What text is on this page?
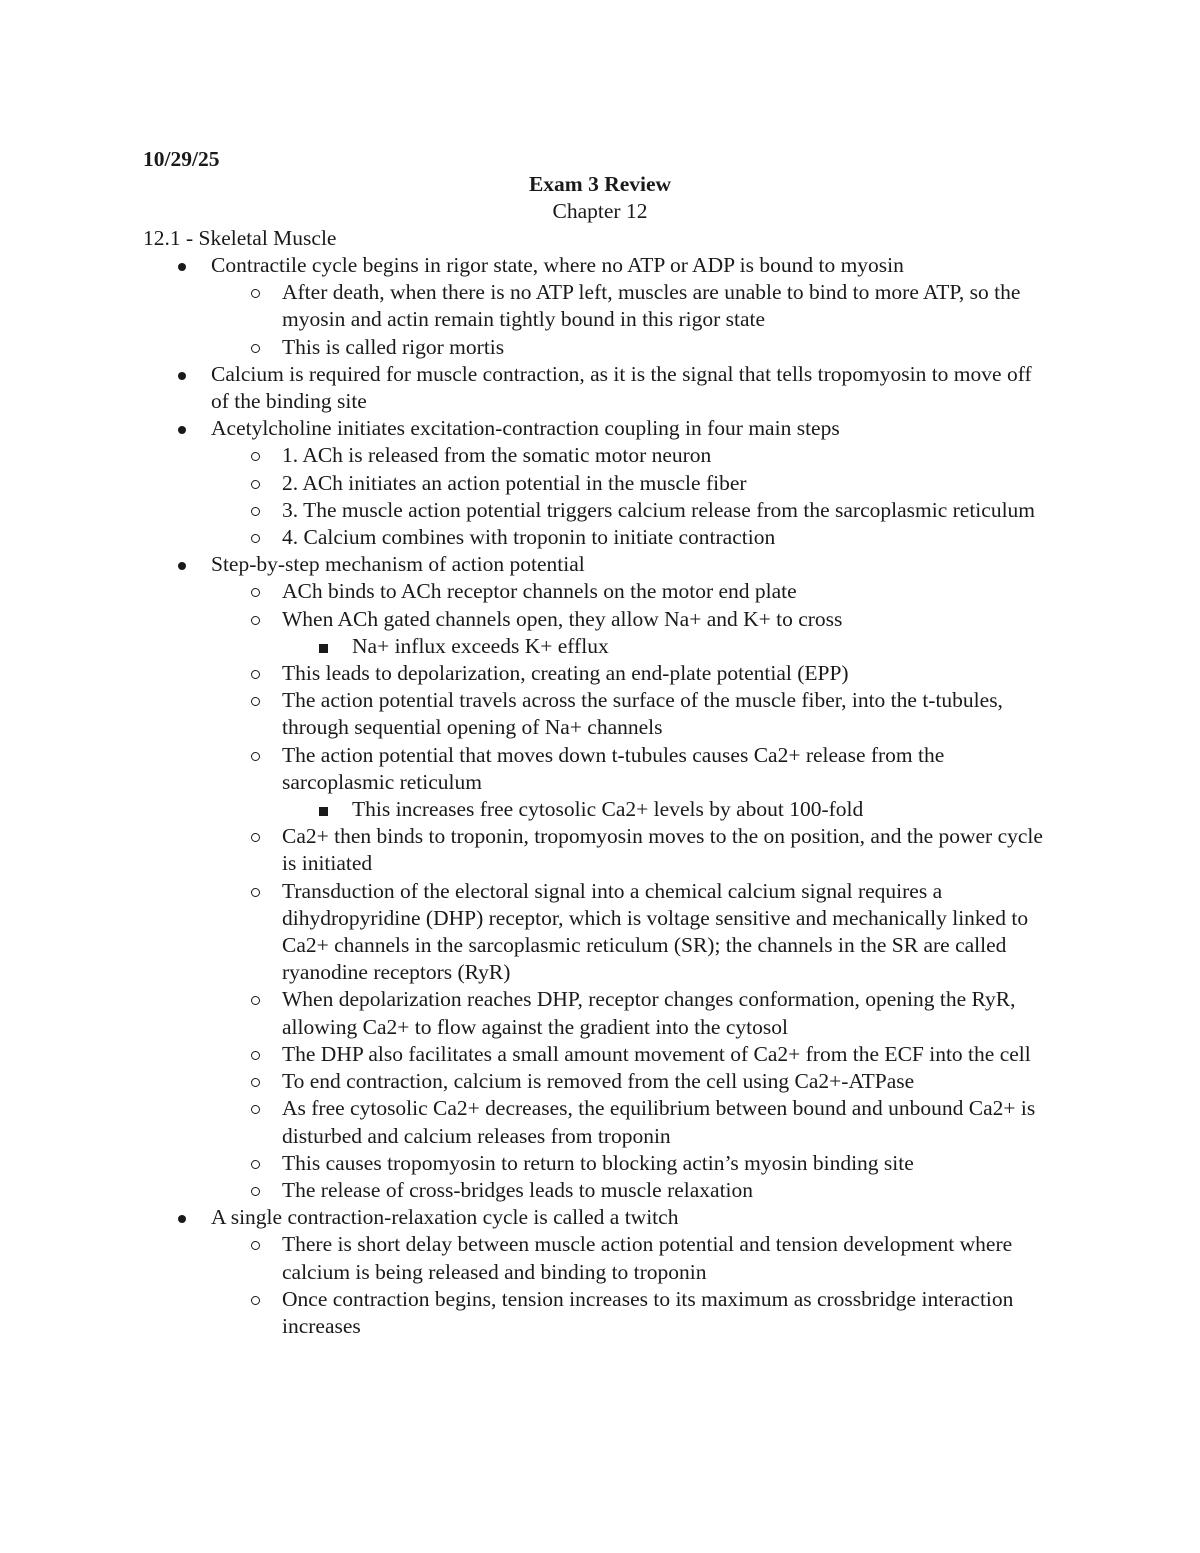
10/29/25
Exam 3 Review
Chapter 12
12.1 - Skeletal Muscle
Contractile cycle begins in rigor state, where no ATP or ADP is bound to myosin
After death, when there is no ATP left, muscles are unable to bind to more ATP, so the myosin and actin remain tightly bound in this rigor state
This is called rigor mortis
Calcium is required for muscle contraction, as it is the signal that tells tropomyosin to move off of the binding site
Acetylcholine initiates excitation-contraction coupling in four main steps
1. ACh is released from the somatic motor neuron
2. ACh initiates an action potential in the muscle fiber
3. The muscle action potential triggers calcium release from the sarcoplasmic reticulum
4. Calcium combines with troponin to initiate contraction
Step-by-step mechanism of action potential
ACh binds to ACh receptor channels on the motor end plate
When ACh gated channels open, they allow Na+ and K+ to cross
Na+ influx exceeds K+ efflux
This leads to depolarization, creating an end-plate potential (EPP)
The action potential travels across the surface of the muscle fiber, into the t-tubules, through sequential opening of Na+ channels
The action potential that moves down t-tubules causes Ca2+ release from the sarcoplasmic reticulum
This increases free cytosolic Ca2+ levels by about 100-fold
Ca2+ then binds to troponin, tropomyosin moves to the on position, and the power cycle is initiated
Transduction of the electoral signal into a chemical calcium signal requires a dihydropyridine (DHP) receptor, which is voltage sensitive and mechanically linked to Ca2+ channels in the sarcoplasmic reticulum (SR); the channels in the SR are called ryanodine receptors (RyR)
When depolarization reaches DHP, receptor changes conformation, opening the RyR, allowing Ca2+ to flow against the gradient into the cytosol
The DHP also facilitates a small amount movement of Ca2+ from the ECF into the cell
To end contraction, calcium is removed from the cell using Ca2+-ATPase
As free cytosolic Ca2+ decreases, the equilibrium between bound and unbound Ca2+ is disturbed and calcium releases from troponin
This causes tropomyosin to return to blocking actin’s myosin binding site
The release of cross-bridges leads to muscle relaxation
A single contraction-relaxation cycle is called a twitch
There is short delay between muscle action potential and tension development where calcium is being released and binding to troponin
Once contraction begins, tension increases to its maximum as crossbridge interaction increases
